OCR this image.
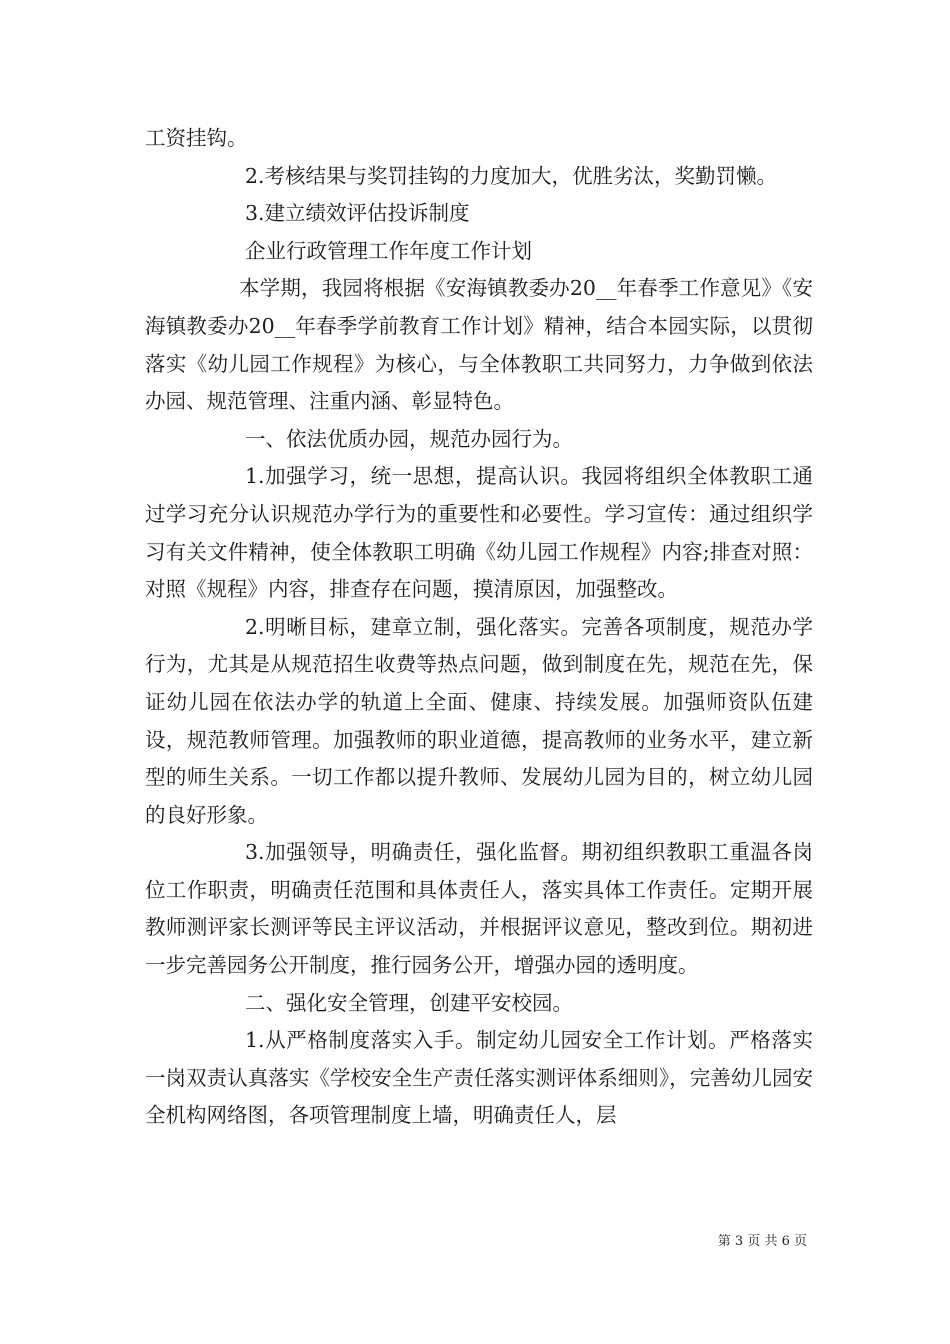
工资挂钩。

2.考核结果与奖罚挂钩的力度加大，优胜劣汰，奖勤罚懒。

3.建立绩效评估投诉制度

企业行政管理工作年度工作计划

本学期，我园将根据《安海镇教委办20__年春季工作意见》《安海镇教委办20__年春季学前教育工作计划》精神，结合本园实际，以贯彻落实《幼儿园工作规程》为核心，与全体教职工共同努力，力争做到依法办园、规范管理、注重内涵、彰显特色。

一、依法优质办园，规范办园行为。

1.加强学习，统一思想，提高认识。我园将组织全体教职工通过学习充分认识规范办学行为的重要性和必要性。学习宣传：通过组织学习有关文件精神，使全体教职工明确《幼儿园工作规程》内容;排查对照：对照《规程》内容，排查存在问题，摸清原因，加强整改。

2.明晰目标，建章立制，强化落实。完善各项制度，规范办学行为，尤其是从规范招生收费等热点问题，做到制度在先，规范在先，保证幼儿园在依法办学的轨道上全面、健康、持续发展。加强师资队伍建设，规范教师管理。加强教师的职业道德，提高教师的业务水平，建立新型的师生关系。一切工作都以提升教师、发展幼儿园为目的，树立幼儿园的良好形象。

3.加强领导，明确责任，强化监督。期初组织教职工重温各岗位工作职责，明确责任范围和具体责任人，落实具体工作责任。定期开展教师测评家长测评等民主评议活动，并根据评议意见，整改到位。期初进一步完善园务公开制度，推行园务公开，增强办园的透明度。

二、强化安全管理，创建平安校园。

1.从严格制度落实入手。制定幼儿园安全工作计划。严格落实一岗双责认真落实《学校安全生产责任落实测评体系细则》，完善幼儿园安全机构网络图，各项管理制度上墙，明确责任人，层

第 3 页 共 6 页
